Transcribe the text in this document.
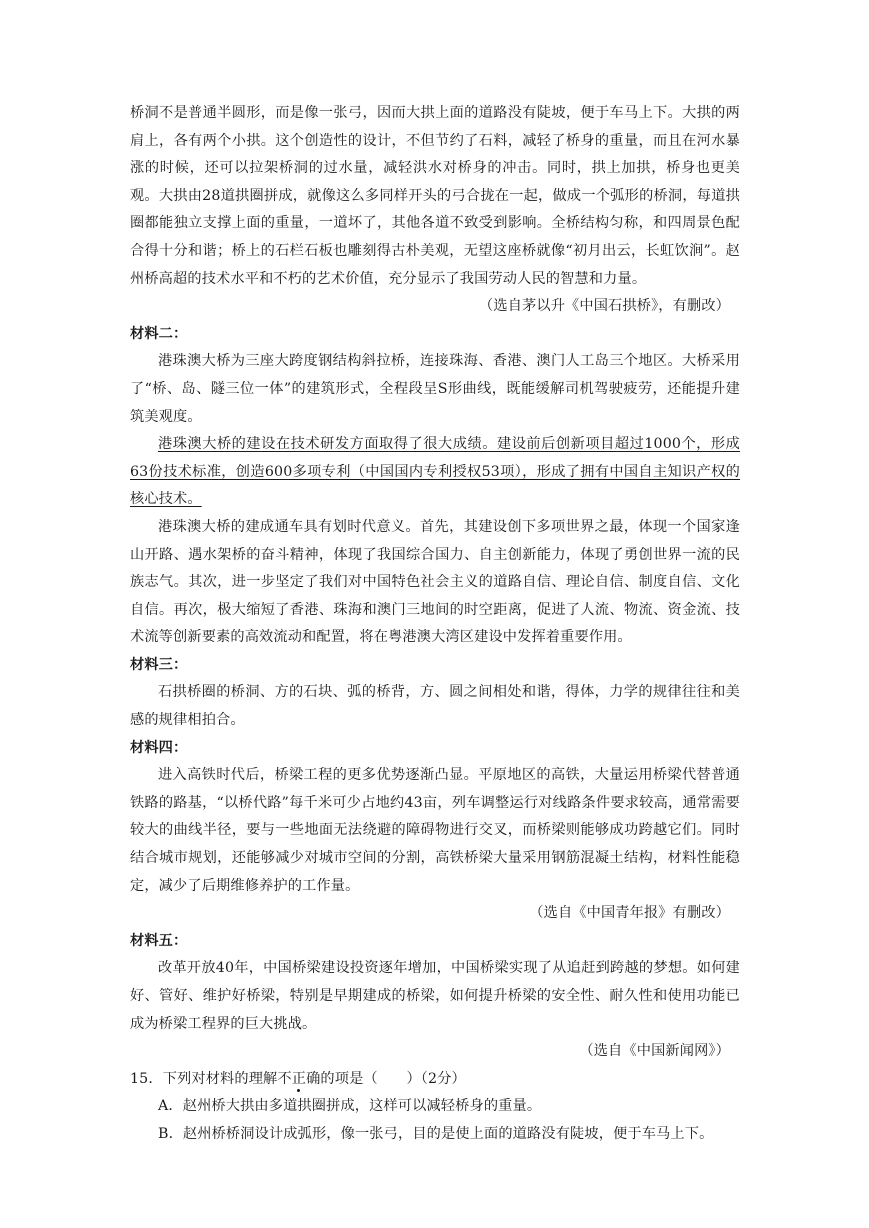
桥洞不是普通半圆形，而是像一张弓，因而大拱上面的道路没有陡坡，便于车马上下。大拱的两肩上，各有两个小拱。这个创造性的设计，不但节约了石料，减轻了桥身的重量，而且在河水暴涨的时候，还可以拉架桥洞的过水量，减轻洪水对桥身的冲击。同时，拱上加拱，桥身也更美观。大拱由28道拱圈拼成，就像这么多同样开头的弓合拢在一起，做成一个弧形的桥洞，每道拱圈都能独立支撑上面的重量，一道坏了，其他各道不致受到影响。全桥结构匀称，和四周景色配合得十分和谐；桥上的石栏石板也雕刻得古朴美观，无望这座桥就像“初月出云，长虹饮涧”。赵州桥高超的技术水平和不朽的艺术价值，充分显示了我国劳动人民的智慧和力量。

（选自茅以升《中国石拱桥》，有删改）

材料二：

港珠澳大桥为三座大跨度钢结构斜拉桥，连接珠海、香港、澳门人工岛三个地区。大桥采用了“桥、岛、隧三位一体”的建筑形式，全程段呈S形曲线，既能缓解司机驾驶疲劳，还能提升建筑美观度。

港珠澳大桥的建设在技术研发方面取得了很大成绩。建设前后创新项目超过1000个，形成63份技术标准，创造600多项专利（中国国内专利授权53项），形成了拥有中国自主知识产权的核心技术。

港珠澳大桥的建成通车具有划时代意义。首先，其建设创下多项世界之最，体现一个国家逢山开路、遇水架桥的奋斗精神，体现了我国综合国力、自主创新能力，体现了勇创世界一流的民族志气。其次，进一步坚定了我们对中国特色社会主义的道路自信、理论自信、制度自信、文化自信。再次，极大缩短了香港、珠海和澳门三地间的时空距离，促进了人流、物流、资金流、技术流等创新要素的高效流动和配置，将在粤港澳大湾区建设中发挥着重要作用。

材料三：

石拱桥圈的桥洞、方的石块、弧的桥背，方、圆之间相处和谐，得体，力学的规律往往和美感的规律相拍合。

材料四：

进入高铁时代后，桥梁工程的更多优势逐渐凸显。平原地区的高铁，大量运用桥梁代替普通铁路的路基，“以桥代路”每千米可少占地约43亩，列车调整运行对线路条件要求较高，通常需要较大的曲线半径，要与一些地面无法绕避的障碍物进行交叉，而桥梁则能够成功跨越它们。同时结合城市规划，还能够减少对城市空间的分割，高铁桥梁大量采用钢筋混凝土结构，材料性能稳定，减少了后期维修养护的工作量。

（选自《中国青年报》有删改）

材料五：

改革开放40年，中国桥梁建设投资逐年增加，中国桥梁实现了从追赶到跨越的梦想。如何建好、管好、维护好桥梁，特别是早期建成的桥梁，如何提升桥梁的安全性、耐久性和使用功能已成为桥梁工程界的巨大挑战。

（选自《中国新闻网》）

15．下列对材料的理解不正确的项是（　　）（2分）

A．赵州桥大拱由多道拱圈拼成，这样可以减轻桥身的重量。

B．赵州桥桥洞设计成弧形，像一张弓，目的是使上面的道路没有陡坡，便于车马上下。
